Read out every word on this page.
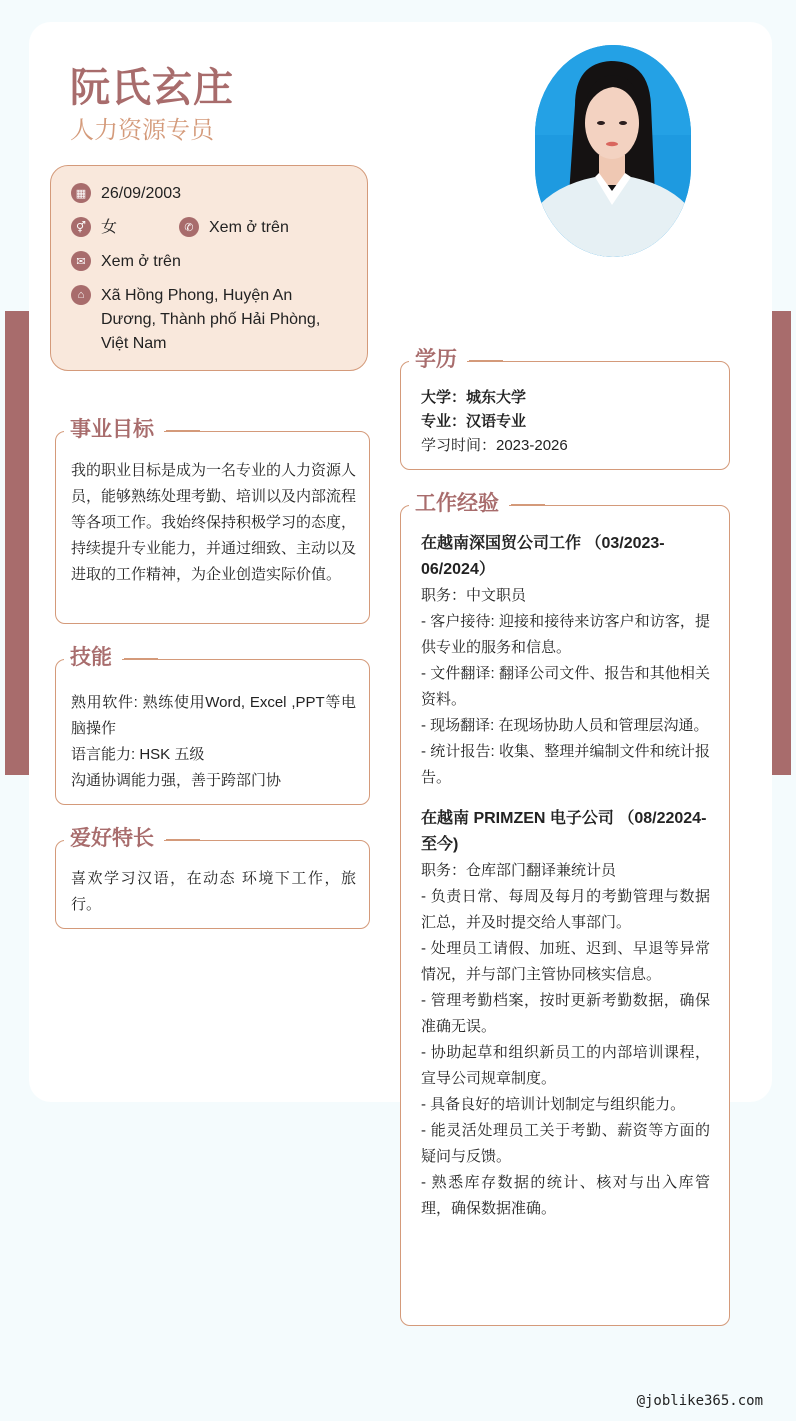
阮氏玄庄
人力资源专员
▦ 26/09/2003
⚥ 女	✆ Xem ở trên
✉ Xem ở trên
⌂	Xã Hồng Phong, Huyện An Dương, Thành phố Hải Phòng, Việt Nam
我的职业目标是成为一名专业的人力资源人员，能够熟练处理考勤、培训以及内部流程等各项工作。我始终保持积极学习的态度，持续提升专业能力，并通过细致、主动以及进取的工作精神，为企业创造实际价值。
事业目标
熟用软件: 熟练使用Word, Excel ,PPT等电脑操作
语言能力: HSK 五级
沟通协调能力强，善于跨部门协
技能
喜欢学习汉语，在动态 环境下工作，旅行。
爱好特长
大学：城东大学
专业：汉语专业
学习时间：2023-2026
学历
在越南深国贸公司工作 （03/2023-06/2024）
职务：中文职员
- 客户接待: 迎接和接待来访客户和访客，提供专业的服务和信息。
- 文件翻译: 翻译公司文件、报告和其他相关资料。
- 现场翻译: 在现场协助人员和管理层沟通。
- 统计报告: 收集、整理并编制文件和统计报告。
在越南 PRIMZEN 电子公司 （08/22024-至今)
职务：仓库部门翻译兼统计员
- 负责日常、每周及每月的考勤管理与数据汇总，并及时提交给人事部门。
- 处理员工请假、加班、迟到、早退等异常情况，并与部门主管协同核实信息。
- 管理考勤档案，按时更新考勤数据，确保准确无误。
- 协助起草和组织新员工的内部培训课程，宣导公司规章制度。
- 具备良好的培训计划制定与组织能力。
- 能灵活处理员工关于考勤、薪资等方面的疑问与反馈。
- 熟悉库存数据的统计、核对与出入库管理，确保数据准确。
工作经验
@joblike365.com
